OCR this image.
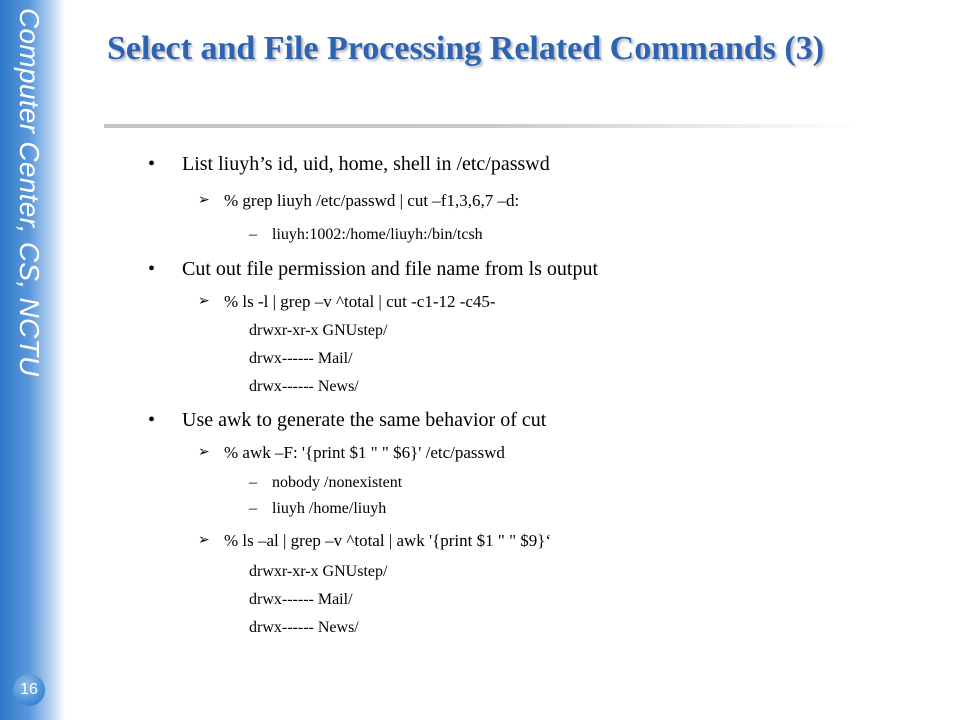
Computer Center, CS, NCTU
16
Select and File Processing Related Commands (3)
• List liuyh’s id, uid, home, shell in /etc/passwd
➢ % grep liuyh /etc/passwd | cut –f1,3,6,7 –d:
– liuyh:1002:/home/liuyh:/bin/tcsh
• Cut out file permission and file name from ls output
➢ % ls -l | grep –v ^total | cut -c1-12 -c45-
drwxr-xr-x GNUstep/
drwx------ Mail/
drwx------ News/
• Use awk to generate the same behavior of cut
➢ % awk –F: '{print $1 " " $6}' /etc/passwd
– nobody /nonexistent
– liuyh /home/liuyh
➢ % ls –al | grep –v ^total | awk '{print $1 " " $9}‘
drwxr-xr-x GNUstep/
drwx------ Mail/
drwx------ News/
